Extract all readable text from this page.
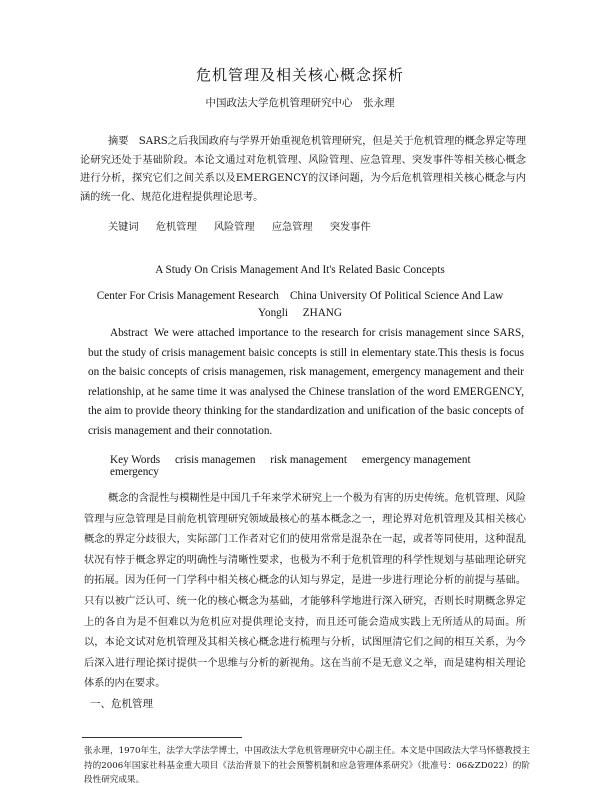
危机管理及相关核心概念探析
中国政法大学危机管理研究中心　张永理
摘要　 SARS之后我国政府与学界开始重视危机管理研究，但是关于危机管理的概念界定等理论研究还处于基础阶段。本论文通过对危机管理、风险管理、应急管理、突发事件等相关核心概念进行分析，探究它们之间关系以及EMERGENCY的汉译问题，为今后危机管理相关核心概念与内涵的统一化、规范化进程提供理论思考。
关键词 危机管理 风险管理 应急管理 突发事件
A Study On Crisis Management And It's Related Basic Concepts
Center For Crisis Management Research　China University Of Political Science And Law
Yongli ZHANG
Abstract We were attached importance to the research for crisis management since SARS, but the study of crisis management baisic concepts is still in elementary state.This thesis is focus on the baisic concepts of crisis managemen, risk management, emergency management and their relationship, at he same time it was analysed the Chinese translation of the word EMERGENCY, the aim to provide theory thinking for the standardization and unification of the basic concepts of crisis management and their connotation.
Key Words crisis managemen risk management emergency management emergency
概念的含混性与模糊性是中国几千年来学术研究上一个极为有害的历史传统。危机管理、风险管理与应急管理是目前危机管理研究领域最核心的基本概念之一，理论界对危机管理及其相关核心概念的界定分歧很大，实际部门工作者对它们的使用常常是混杂在一起，或者等同使用，这种混乱状况有悖于概念界定的明确性与清晰性要求，也极为不利于危机管理的科学性规划与基础理论研究的拓展。因为任何一门学科中相关核心概念的认知与界定，是进一步进行理论分析的前提与基础。只有以被广泛认可、统一化的核心概念为基础，才能够科学地进行深入研究，否则长时期概念界定上的各自为是不但难以为危机应对提供理论支持，而且还可能会造成实践上无所适从的局面。所以，本论文试对危机管理及其相关核心概念进行梳理与分析，试图厘清它们之间的相互关系，为今后深入进行理论探讨提供一个思维与分析的新视角。这在当前不是无意义之举，而是建构相关理论体系的内在要求。
一、危机管理
张永理，1970年生，法学大学法学博士，中国政法大学危机管理研究中心副主任。本文是中国政法大学马怀德教授主持的2006年国家社科基金重大项目《法治背景下的社会预警机制和应急管理体系研究》（批准号：06&ZD022）的阶段性研究成果。
